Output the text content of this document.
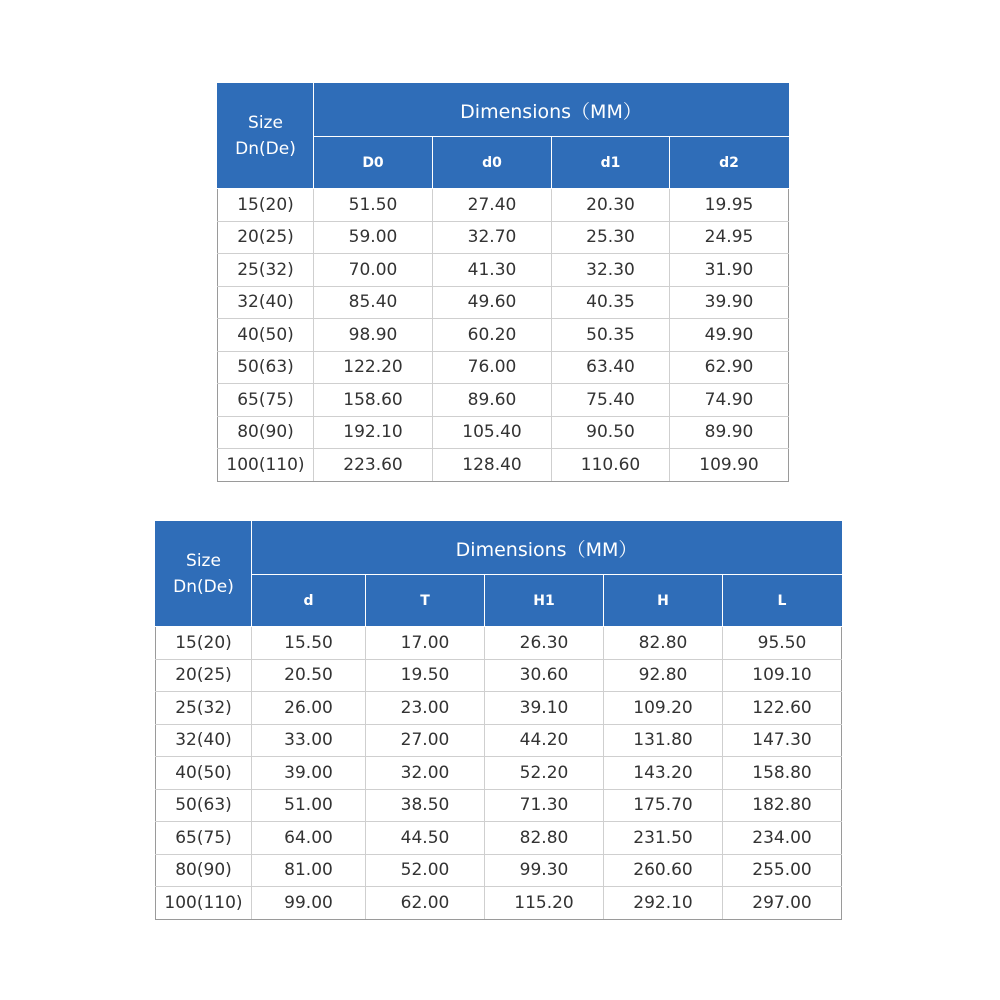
Size
Dn(De)	Dimensions（MM）			
	D0	d0	d1	d2
15(20)	51.50	27.40	20.30	19.95
20(25)	59.00	32.70	25.30	24.95
25(32)	70.00	41.30	32.30	31.90
32(40)	85.40	49.60	40.35	39.90
40(50)	98.90	60.20	50.35	49.90
50(63)	122.20	76.00	63.40	62.90
65(75)	158.60	89.60	75.40	74.90
80(90)	192.10	105.40	90.50	89.90
100(110)	223.60	128.40	110.60	109.90
Size
Dn(De)	Dimensions（MM）				
	d	T	H1	H	L
15(20)	15.50	17.00	26.30	82.80	95.50
20(25)	20.50	19.50	30.60	92.80	109.10
25(32)	26.00	23.00	39.10	109.20	122.60
32(40)	33.00	27.00	44.20	131.80	147.30
40(50)	39.00	32.00	52.20	143.20	158.80
50(63)	51.00	38.50	71.30	175.70	182.80
65(75)	64.00	44.50	82.80	231.50	234.00
80(90)	81.00	52.00	99.30	260.60	255.00
100(110)	99.00	62.00	115.20	292.10	297.00
